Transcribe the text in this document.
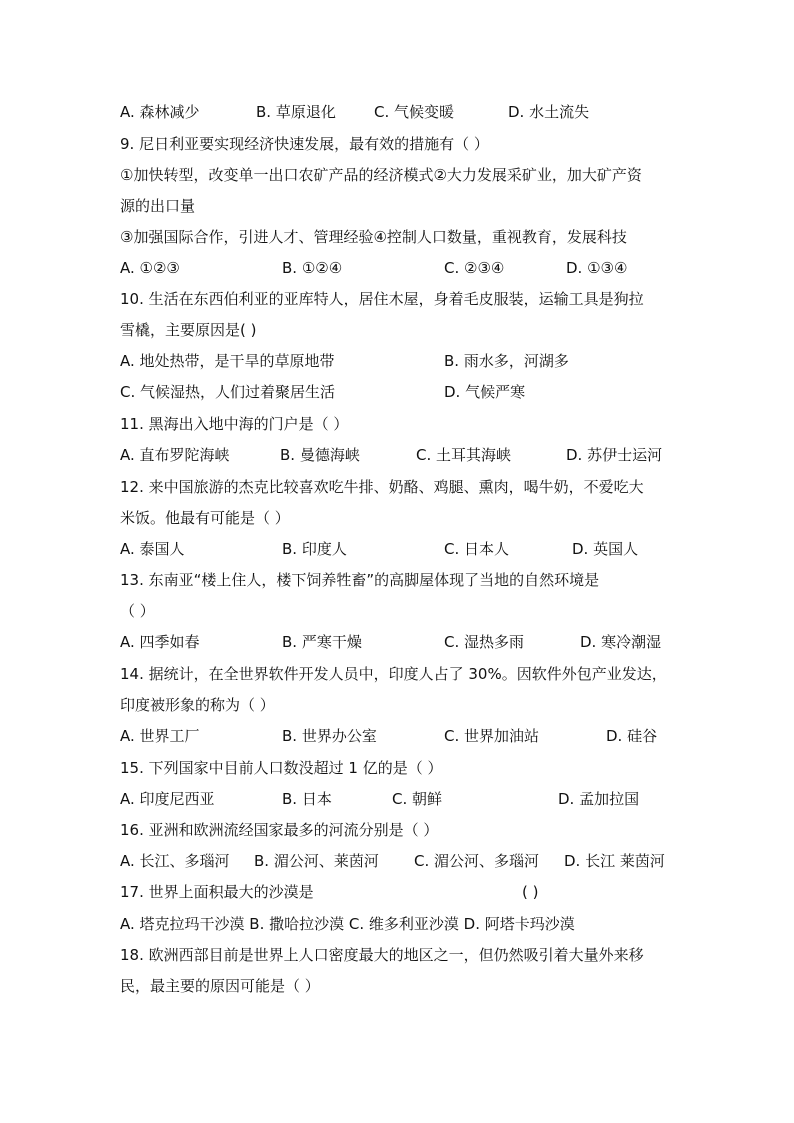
A. 森林减少	B. 草原退化	C. 气候变暖	D. 水土流失
9. 尼日利亚要实现经济快速发展，最有效的措施有（ ）
①加快转型，改变单一出口农矿产品的经济模式②大力发展采矿业，加大矿产资
源的出口量
③加强国际合作，引进人才、管理经验④控制人口数量，重视教育，发展科技
A. ①②③	B. ①②④	C. ②③④	D. ①③④
10. 生活在东西伯利亚的亚库特人，居住木屋，身着毛皮服装，运输工具是狗拉
雪橇，主要原因是( )
A. 地处热带，是干旱的草原地带	B. 雨水多，河湖多
C. 气候湿热，人们过着聚居生活	D. 气候严寒
11. 黑海出入地中海的门户是（ ）
A. 直布罗陀海峡	B. 曼德海峡	C. 土耳其海峡	D. 苏伊士运河
12. 来中国旅游的杰克比较喜欢吃牛排、奶酪、鸡腿、熏肉，喝牛奶，不爱吃大
米饭。他最有可能是（ ）
A. 泰国人	B. 印度人	C. 日本人	D. 英国人
13. 东南亚“楼上住人，楼下饲养牲畜”的高脚屋体现了当地的自然环境是
（ ）
A. 四季如春	B. 严寒干燥	C. 湿热多雨	D. 寒冷潮湿
14. 据统计，在全世界软件开发人员中，印度人占了 30%。因软件外包产业发达，
印度被形象的称为（ ）
A. 世界工厂	B. 世界办公室	C. 世界加油站	D. 硅谷
15. 下列国家中目前人口数没超过 1 亿的是（ ）
A. 印度尼西亚	B. 日本	C. 朝鲜	D. 孟加拉国
16. 亚洲和欧洲流经国家最多的河流分别是（ ）
A. 长江、多瑙河 B. 湄公河、莱茵河 C. 湄公河、多瑙河 D. 长江 莱茵河
17. 世界上面积最大的沙漠是	( )
A. 塔克拉玛干沙漠 B. 撒哈拉沙漠 C. 维多利亚沙漠 D. 阿塔卡玛沙漠
18. 欧洲西部目前是世界上人口密度最大的地区之一，但仍然吸引着大量外来移
民，最主要的原因可能是（ ）
